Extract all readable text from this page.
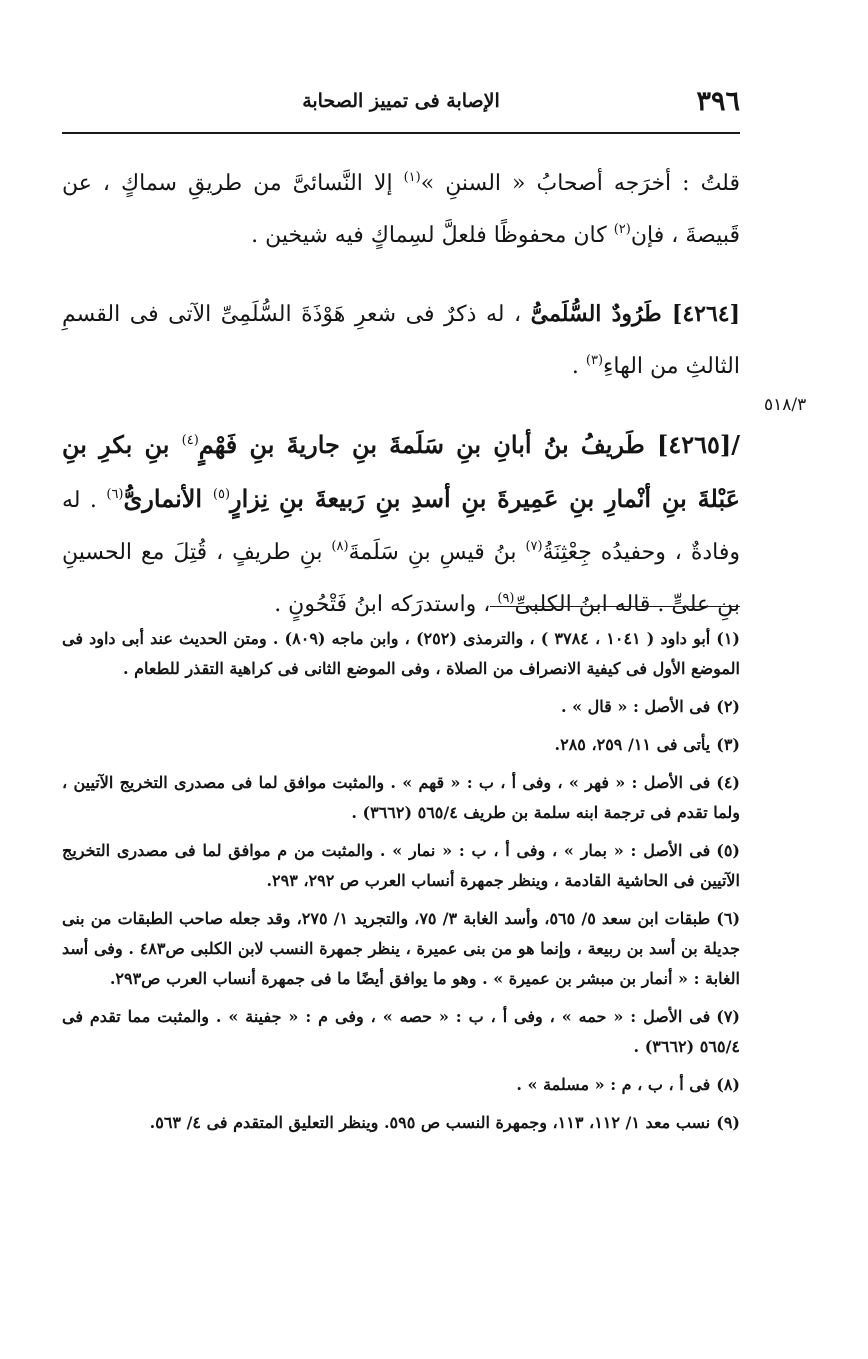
٣٩٦
الإصابة فى تمييز الصحابة
٥١٨/٣

قلتُ : أخرَجه أصحابُ « السننِ »$^{(١)}$ إلا النَّسائىَّ من طريقِ سماكٍ ، عن قَبيصةَ ، فإن$^{(٢)}$ كان محفوظًا فلعلَّ لسِماكٍ فيه شيخين .

[٤٢٦٤] طَرُودٌ السُّلَمىُّ ، له ذكرٌ فى شعرِ هَوْذَةَ السُّلَمِىِّ الآتى فى القسمِ الثالثِ من الهاءِ$^{(٣)}$ .

/[٤٢٦٥] طَريفُ بنُ أبانِ بنِ سَلَمةَ بنِ جاريةَ بنِ فَهْمٍ$^{(٤)}$ بنِ بكرِ بنِ عَبْلةَ بنِ أنْمارِ بنِ عَمِيرةَ بنِ أسدِ بنِ رَبيعةَ بنِ نِزارٍ$^{(٥)}$ الأنمارىُّ$^{(٦)}$ . له وفادةٌ ، وحفيدُه جِعْثِنَةُ$^{(٧)}$ بنُ قيسِ بنِ سَلَمةَ$^{(٨)}$ بنِ طريفٍ ، قُتِلَ مع الحسينِ بنِ علىٍّ . قاله ابنُ الكلبىِّ$^{(٩)}$ ، واستدرَكه ابنُ فَتْحُونٍ .

(١)أبو داود ( ١٠٤١ ، ٣٧٨٤ ) ، والترمذى (٢٥٢) ، وابن ماجه (٨٠٩) . ومتن الحديث عند أبى داود فى الموضع الأول فى كيفية الانصراف من الصلاة ، وفى الموضع الثانى فى كراهية التقذر للطعام .

(٢)فى الأصل : « قال » .

(٣)يأتى فى ١١/ ٢٥٩، ٢٨٥.

(٤)فى الأصل : « فهر » ، وفى أ ، ب : « قهم » . والمثبت موافق لما فى مصدرى التخريج الآتيين ، ولما تقدم فى ترجمة ابنه سلمة بن طريف ٥٦٥/٤ (٣٦٦٢) .

(٥)فى الأصل : « بمار » ، وفى أ ، ب : « نمار » . والمثبت من م موافق لما فى مصدرى التخريج الآتيين فى الحاشية القادمة ، وينظر جمهرة أنساب العرب ص ٢٩٢، ٢٩٣.

(٦)طبقات ابن سعد ٥/ ٥٦٥، وأسد الغابة ٣/ ٧٥، والتجريد ١/ ٢٧٥، وقد جعله صاحب الطبقات من بنى جديلة بن أسد بن ربيعة ، وإنما هو من بنى عميرة ، ينظر جمهرة النسب لابن الكلبى ص٤٨٣ . وفى أسد الغابة : « أنمار بن مبشر بن عميرة » . وهو ما يوافق أيضًا ما فى جمهرة أنساب العرب ص٢٩٣.

(٧)فى الأصل : « حمه » ، وفى أ ، ب : « حصه » ، وفى م : « جفينة » . والمثبت مما تقدم فى ٥٦٥/٤ (٣٦٦٢) .

(٨)فى أ ، ب ، م : « مسلمة » .

(٩)نسب معد ١/ ١١٢، ١١٣، وجمهرة النسب ص ٥٩٥. وينظر التعليق المتقدم فى ٤/ ٥٦٣.
